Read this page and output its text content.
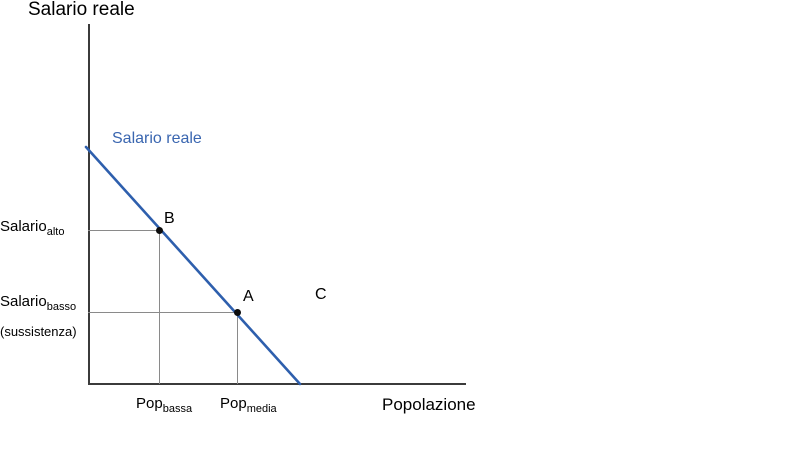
Salario reale
Salario reale
B
A	C
Salario$_{alto}$
Salario$_{basso}$
(sussistenza)
Pop$_{bassa}$ Pop$_{media}$	Popolazione
